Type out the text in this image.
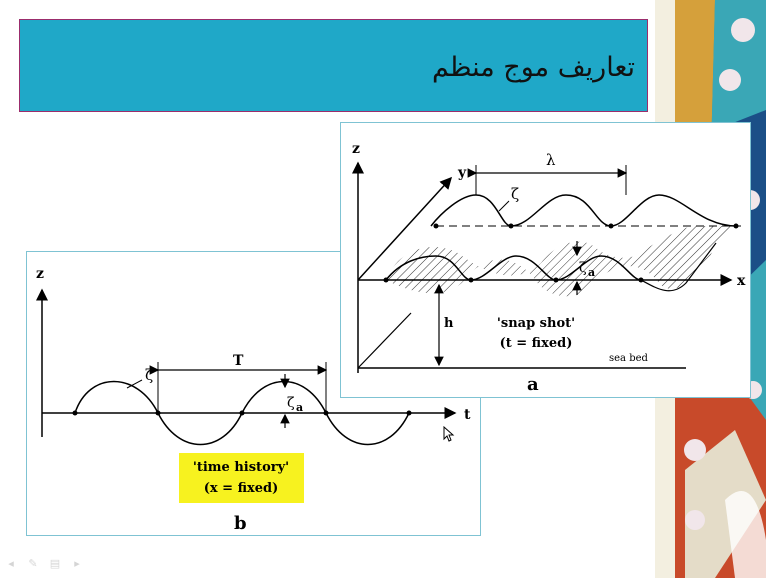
تعاریف موج منظم
z
t
ζ
T
ζ a
'time history'
(x = fixed)
b
z
y
x
λ
ζ
ζ a
h
sea bed
'snap shot'
(t = fixed)
a
◂	✎ ▤	▸
